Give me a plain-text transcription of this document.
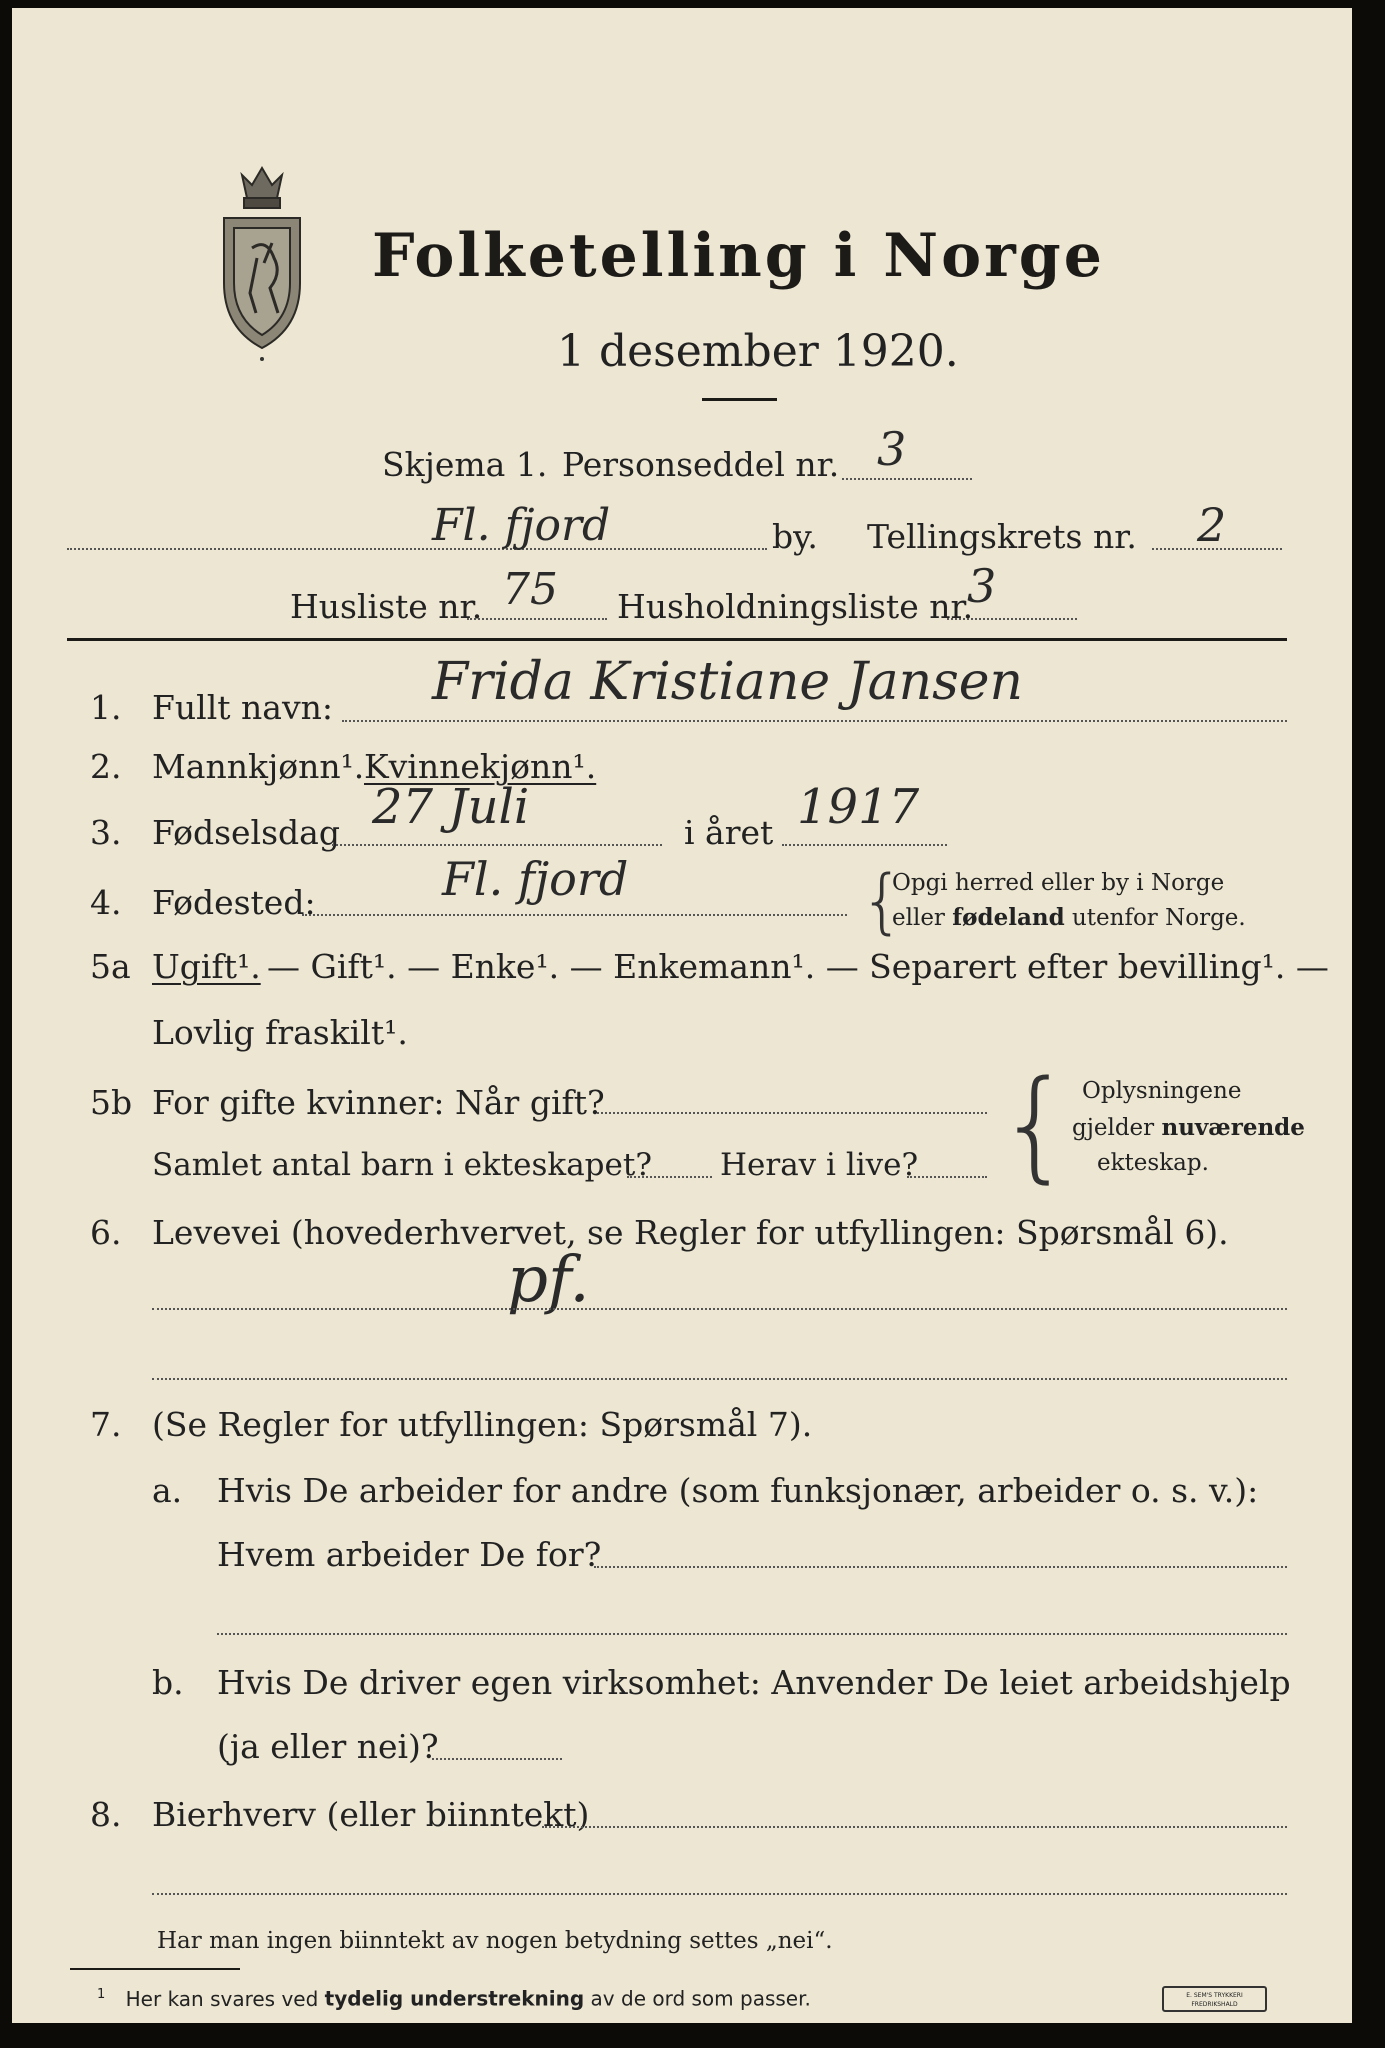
Folketelling i Norge
1 desember 1920.
Skjema 1. Personseddel nr. 3
Fl. fjord	by. Tellingskrets nr. 2
Husliste nr. 75 Husholdningsliste nr.
3
1. Fullt navn: Frida Kristiane Jansen
2. Mannkjønn¹. Kvinnekjønn¹.
3. Fødselsdag 27 Juli	i året 1917
4. Fødested:	Fl. fjord	{
Opgi herred eller by i Norge
eller fødeland utenfor Norge.
5a Ugift¹. — Gift¹. — Enke¹. — Enkemann¹. — Separert efter bevilling¹. —
Lovlig fraskilt¹.
5b For gifte kvinner: Når gift?
Samlet antal barn i ekteskapet? Herav i live? { Oplysningene
gjelder nuværende
ekteskap.
6. Levevei (hovederhvervet, se Regler for utfyllingen: Spørsmål 6).
pf.
7. (Se Regler for utfyllingen: Spørsmål 7).
a. Hvis De arbeider for andre (som funksjonær, arbeider o. s. v.):
Hvem arbeider De for?
b. Hvis De driver egen virksomhet: Anvender De leiet arbeidshjelp
(ja eller nei)?
8. Bierhverv (eller biinntekt)
Har man ingen biinntekt av nogen betydning settes „nei“.
$^1$ Her kan svares ved tydelig understrekning av de ord som passer.	E. SEM'S TRYKKERI
FREDRIKSHALD
